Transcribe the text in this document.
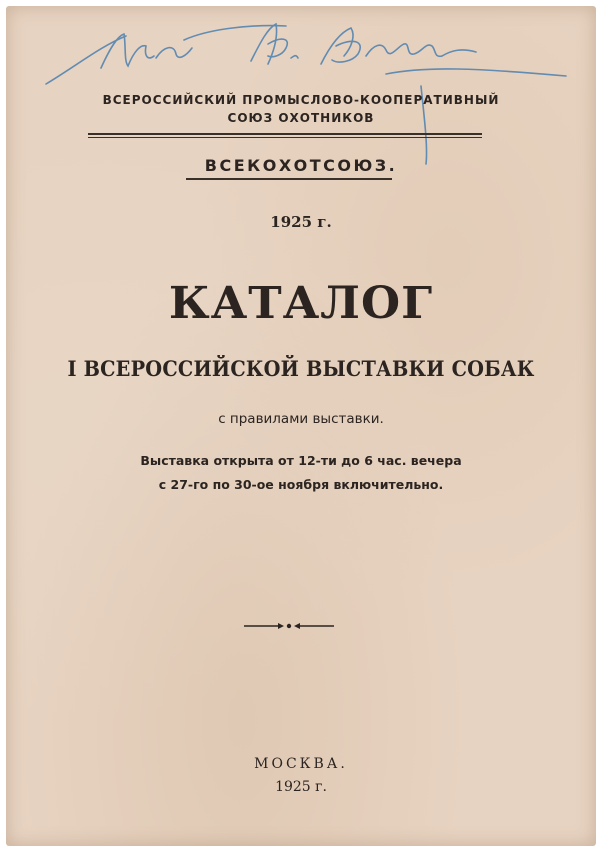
ВСЕРОССИЙСКИЙ ПРОМЫСЛОВО-КООПЕРАТИВНЫЙ
СОЮЗ ОХОТНИКОВ
ВСЕКОХОТСОЮЗ.
1925 г.
КАТАЛОГ
I ВСЕРОССИЙСКОЙ ВЫСТАВКИ СОБАК
с правилами выставки.
Выставка открыта от 12-ти до 6 час. вечера
с 27-го по 30-ое ноября включительно.
МОСКВА.
1925 г.
